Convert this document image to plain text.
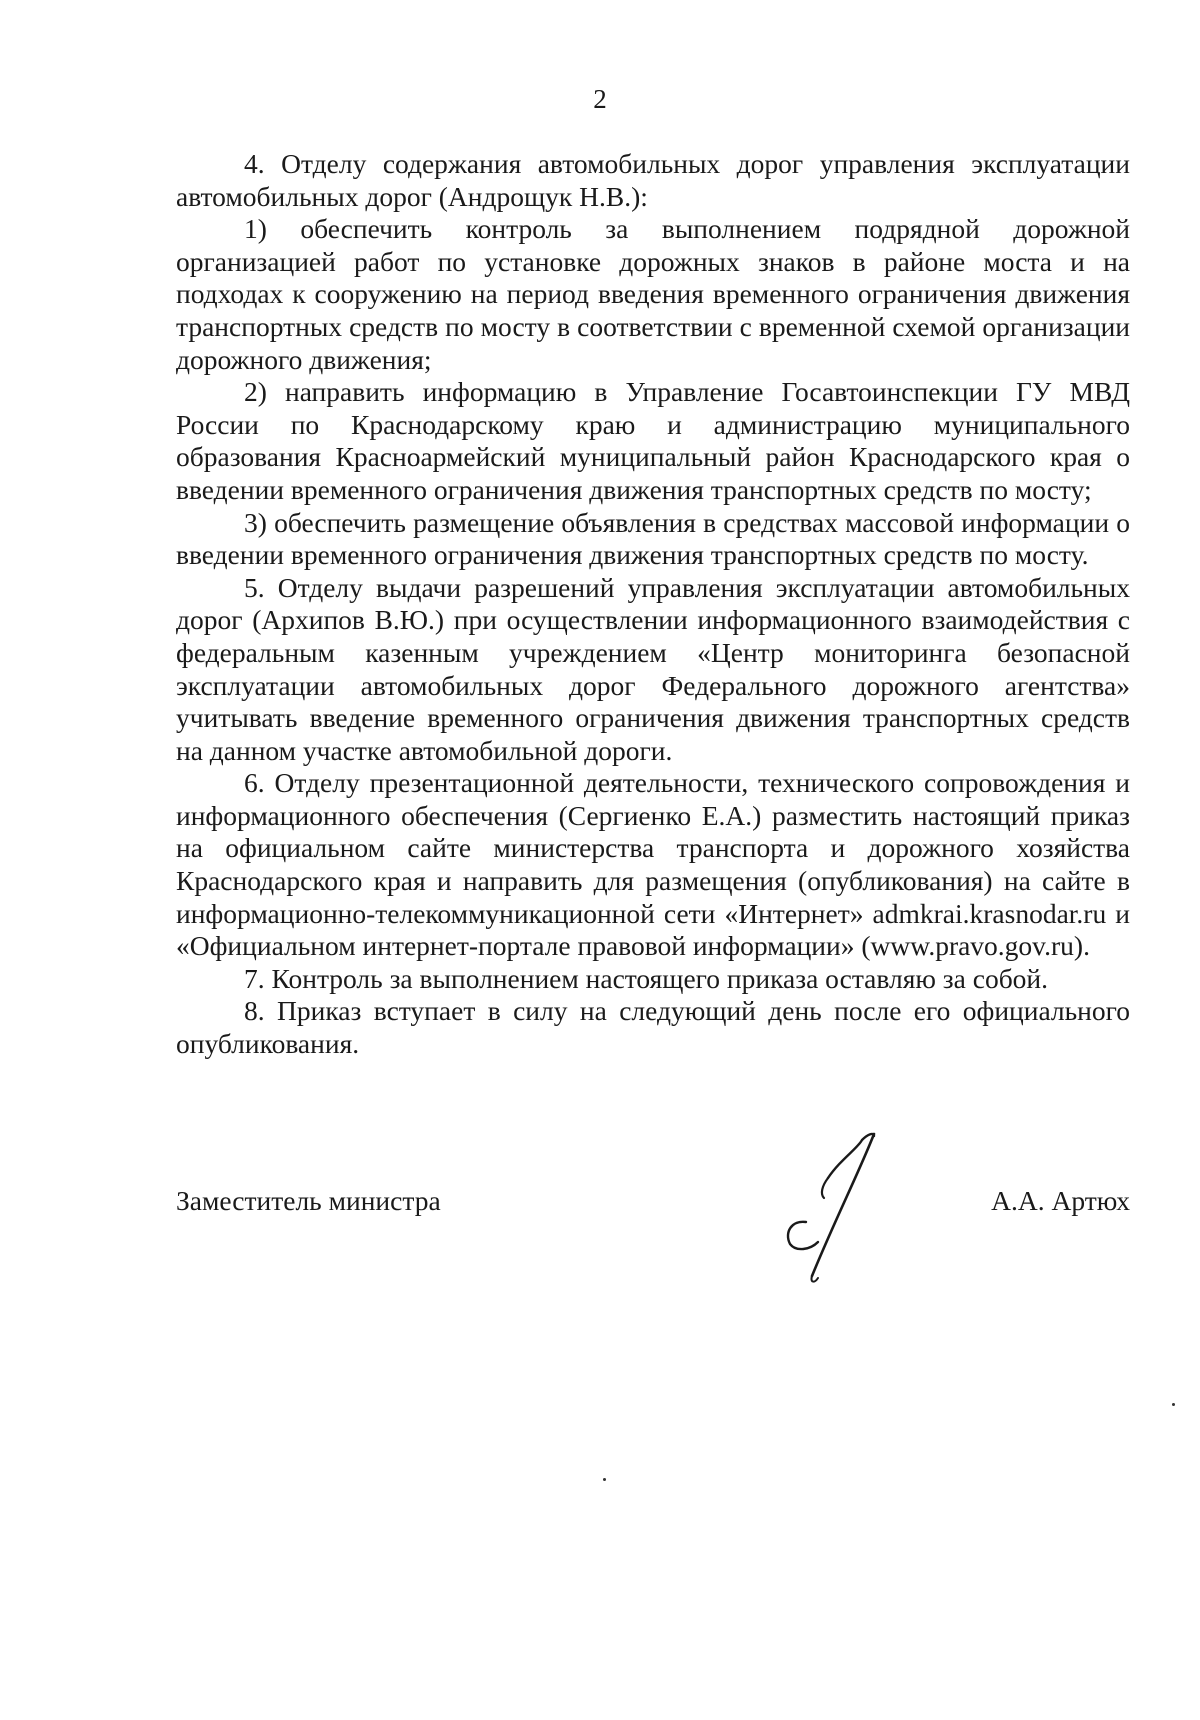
2

4. Отделу содержания автомобильных дорог управления эксплуатации автомобильных дорог (Андрощук Н.В.):

1) обеспечить контроль за выполнением подрядной дорожной организацией работ по установке дорожных знаков в районе моста и на подходах к сооружению на период введения временного ограничения движения транспортных средств по мосту в соответствии с временной схемой организации дорожного движения;

2) направить информацию в Управление Госавтоинспекции ГУ МВД России по Краснодарскому краю и администрацию муниципального образования Красноармейский муниципальный район Краснодарского края о введении временного ограничения движения транспортных средств по мосту;

3) обеспечить размещение объявления в средствах массовой информации о введении временного ограничения движения транспортных средств по мосту.

5. Отделу выдачи разрешений управления эксплуатации автомобильных дорог (Архипов В.Ю.) при осуществлении информационного взаимодействия с федеральным казенным учреждением «Центр мониторинга безопасной эксплуатации автомобильных дорог Федерального дорожного агентства» учитывать введение временного ограничения движения транспортных средств на данном участке автомобильной дороги.

6. Отделу презентационной деятельности, технического сопровождения и информационного обеспечения (Сергиенко Е.А.) разместить настоящий приказ на официальном сайте министерства транспорта и дорожного хозяйства Краснодарского края и направить для размещения (опубликования) на сайте в информационно-телекоммуникационной сети «Интернет» admkrai.krasnodar.ru и «Официальном интернет-портале правовой информации» (www.pravo.gov.ru).

7. Контроль за выполнением настоящего приказа оставляю за собой.

8. Приказ вступает в силу на следующий день после его официального опубликования.

Заместитель министра	А.А. Артюх
